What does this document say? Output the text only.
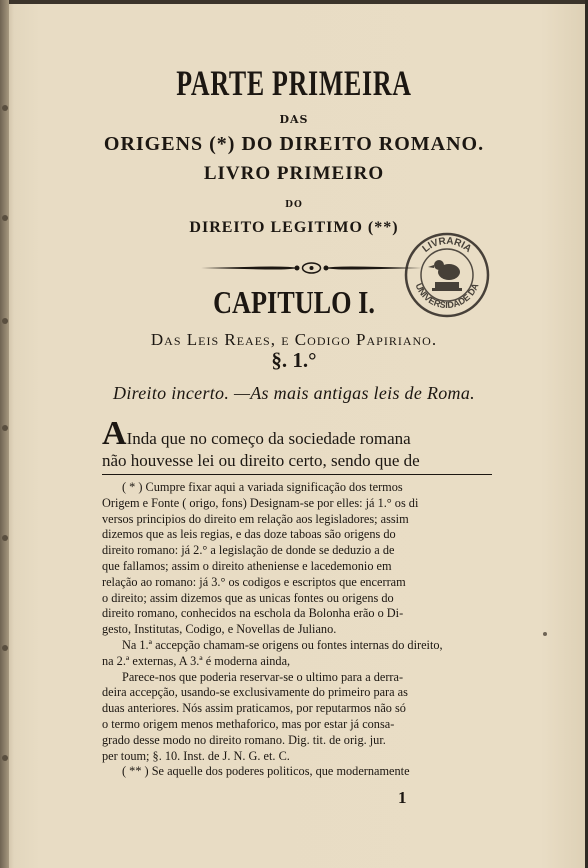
PARTE PRIMEIRA
DAS
ORIGENS (*) DO DIREITO ROMANO.
LIVRO PRIMEIRO
DO
DIREITO LEGITIMO (**)
LIVRARIA
UNIVERSIDADE DA
CAPITULO I.
Das Leis Reaes, e Codigo Papiriano.
§. 1.°
Direito incerto. —As mais antigas leis de Roma.
AInda que no começo da sociedade romana
não houvesse lei ou direito certo, sendo que de
( * ) Cumpre fixar aqui a variada significação dos termos
Origem e Fonte ( origo, fons) Designam-se por elles: já 1.° os di
versos principios do direito em relação aos legisladores; assim
dizemos que as leis regias, e das doze taboas são origens do
direito romano: já 2.° a legislação de donde se deduzio a de
que fallamos; assim o direito atheniense e lacedemonio em
relação ao romano: já 3.° os codigos e escriptos que encerram
o direito; assim dizemos que as unicas fontes ou origens do
direito romano, conhecidos na eschola da Bolonha erão o Di-
gesto, Institutas, Codigo, e Novellas de Juliano.
Na 1.ª accepção chamam-se origens ou fontes internas do direito,
na 2.ª externas, A 3.ª é moderna ainda,
Parece-nos que poderia reservar-se o ultimo para a derra-
deira accepção, usando-se exclusivamente do primeiro para as
duas anteriores. Nós assim praticamos, por reputarmos não só
o termo origem menos methaforico, mas por estar já consa-
grado desse modo no direito romano. Dig. tit. de orig. jur.
per toum; §. 10. Inst. de J. N. G. et. C.
( ** ) Se aquelle dos poderes politicos, que modernamente
1
